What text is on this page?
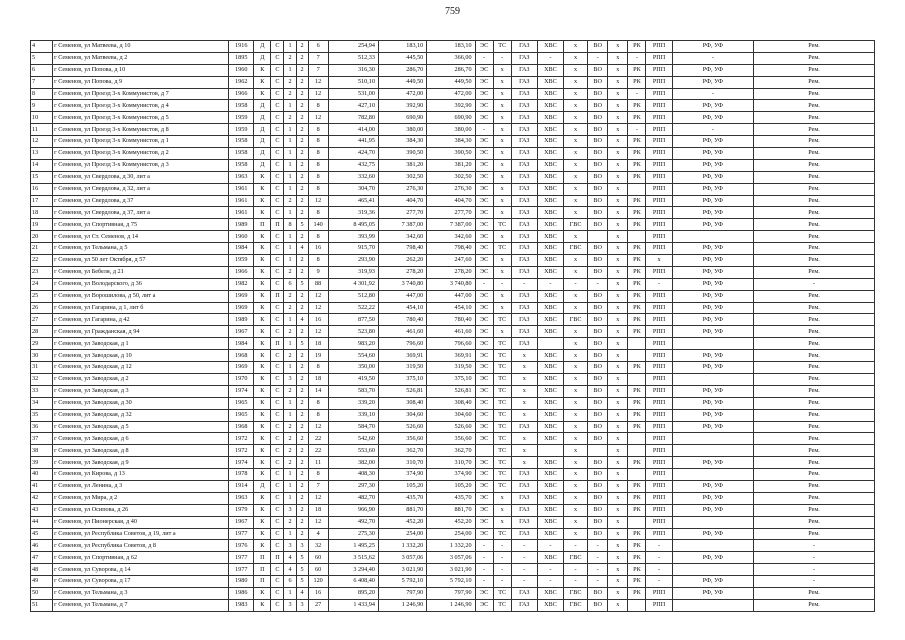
759
4	г Семенов, ул Матвеева, д 10	1916	Д	С	1	2	6	254,94	183,10	183,10	ЭС	ТС	ГАЗ	ХВС	х	ВО	х	РК	РПП	РФ, УФ	Рем.
5	г Семенов, ул Матвеева, д 2	1895	Д	С	2	2	7	512,33	445,50	366,00	-	-	ГАЗ	-	х	-	х	-	РПП	-	Рем.
6	г Семенов, ул Попова, д 10	1960	К	С	1	2	7	316,30	286,70	286,70	ЭС	х	ГАЗ	ХВС	х	ВО	х	РК	РПП	РФ, УФ	Рем.
7	г Семенов, ул Попова, д 9	1962	К	С	2	2	12	510,10	449,50	449,50	ЭС	х	ГАЗ	ХВС	х	ВО	х	РК	РПП	РФ, УФ	Рем.
8	г Семенов, ул Проезд 3-х Коммунистов, д 7	1966	К	С	2	2	12	531,00	472,00	472,00	ЭС	х	ГАЗ	ХВС	х	ВО	х	-	РПП	-	Рем.
9	г Семенов, ул Проезд 3-х Коммунистов, д 4	1958	Д	С	1	2	8	427,10	392,90	392,90	ЭС	х	ГАЗ	ХВС	х	ВО	х	РК	РПП	РФ, УФ	Рем.
10	г Семенов, ул Проезд 3-х Коммунистов, д 5	1959	Д	С	2	2	12	782,80	690,90	690,90	ЭС	х	ГАЗ	ХВС	х	ВО	х	РК	РПП	РФ, УФ	Рем.
11	г Семенов, ул Проезд 3-х Коммунистов, д 8	1959	Д	С	1	2	8	414,00	380,00	380,00	-	х	ГАЗ	ХВС	х	ВО	х	-	РПП	-	Рем.
12	г Семенов, ул Проезд 3-х Коммунистов, д 1	1958	Д	С	1	2	8	441,95	384,30	384,30	ЭС	х	ГАЗ	ХВС	х	ВО	х	РК	РПП	РФ, УФ	Рем.
13	г Семенов, ул Проезд 3-х Коммунистов, д 2	1958	Д	С	1	2	8	424,70	390,50	390,50	ЭС	х	ГАЗ	ХВС	х	ВО	х	РК	РПП	РФ, УФ	Рем.
14	г Семенов, ул Проезд 3-х Коммунистов, д 3	1958	Д	С	1	2	8	432,75	381,20	381,20	ЭС	х	ГАЗ	ХВС	х	ВО	х	РК	РПП	РФ, УФ	Рем.
15	г Семенов, ул Свердлова, д 30, лит а	1963	К	С	1	2	8	332,60	302,50	302,50	ЭС	х	ГАЗ	ХВС	х	ВО	х	РК	РПП	РФ, УФ	Рем.
16	г Семенов, ул Свердлова, д 32, лит а	1961	К	С	1	2	8	304,70	276,30	276,30	ЭС	х	ГАЗ	ХВС	х	ВО	х		РПП	РФ, УФ	Рем.
17	г Семенов, ул Свердлова, д 37	1961	К	С	2	2	12	465,41	404,70	404,70	ЭС	х	ГАЗ	ХВС	х	ВО	х	РК	РПП	РФ, УФ	Рем.
18	г Семенов, ул Свердлова, д 37, лит а	1961	К	С	1	2	8	319,36	277,70	277,70	ЭС	х	ГАЗ	ХВС	х	ВО	х	РК	РПП	РФ, УФ	Рем.
19	г Семенов, ул Спортивная, д 75	1989	П	П	8	5	140	8 495,05	7 387,00	7 387,00	ЭС	ТС	ГАЗ	ХВС	ГВС	ВО	х	РК	РПП	РФ, УФ	Рем.
20	г Семенов, ул Ст. Семенов, д 14	1960	К	С	1	2	8	393,99	342,60	342,60	ЭС	х	ГАЗ	ХВС	х		х		РПП		Рем.
21	г Семенов, ул Тельмана, д 5	1984	К	С	1	4	16	915,70	798,40	798,40	ЭС	ТС	ГАЗ	ХВС	ГВС	ВО	х	РК	РПП	РФ, УФ	Рем.
22	г Семенов, ул 50 лет Октября, д 57	1959	К	С	1	2	8	293,90	262,20	247,60	ЭС	х	ГАЗ	ХВС	х	ВО	х	РК	х	РФ, УФ	Рем.
23	г Семенов, ул Бебеля, д 21	1966	К	С	2	2	9	319,93	278,20	278,20	ЭС	х	ГАЗ	ХВС	х	ВО	х	РК	РПП	РФ, УФ	Рем.
24	г Семенов, ул Володарского, д 36	1982	К	С	6	5	88	4 301,92	3 740,80	3 740,80	-	-	-	-	-	-	х	РК	-	РФ, УФ	-
25	г Семенов, ул Ворошилова, д 50, лит а	1969	К	П	2	2	12	512,80	447,00	447,00	ЭС	х	ГАЗ	ХВС	х	ВО	х	РК	РПП	РФ, УФ	Рем.
26	г Семенов, ул Гагарина, д 1, лит б	1969	К	С	2	2	12	522,22	454,10	454,10	ЭС	х	ГАЗ	ХВС	х	ВО	х	РК	РПП	РФ, УФ	Рем.
27	г Семенов, ул Гагарина, д 42	1989	К	С	1	4	16	877,50	780,40	780,40	ЭС	ТС	ГАЗ	ХВС	ГВС	ВО	х	РК	РПП	РФ, УФ	Рем.
28	г Семенов, ул Гражданская, д 94	1967	К	С	2	2	12	523,80	461,60	461,60	ЭС	х	ГАЗ	ХВС	х	ВО	х	РК	РПП	РФ, УФ	Рем.
29	г Семенов, ул Заводская, д 1	1984	К	П	1	5	18	983,20	796,60	796,60	ЭС	ТС	ГАЗ		х	ВО	х		РПП		Рем.
30	г Семенов, ул Заводская, д 10	1968	К	С	2	2	19	554,60	369,91	369,91	ЭС	ТС	х	ХВС	х	ВО	х		РПП	РФ, УФ	Рем.
31	г Семенов, ул Заводская, д 12	1969	К	С	1	2	8	350,00	319,50	319,50	ЭС	ТС	х	ХВС	х	ВО	х	РК	РПП	РФ, УФ	Рем.
32	г Семенов, ул Заводская, д 2	1970	К	С	3	2	18	419,50	375,10	375,10	ЭС	ТС	х	ХВС	х	ВО	х		РПП		Рем.
33	г Семенов, ул Заводская, д 3	1974	К	С	2	2	14	583,70	526,81	526,81	ЭС	ТС	х	ХВС	х	ВО	х	РК	РПП	РФ, УФ	Рем.
34	г Семенов, ул Заводская, д 30	1965	К	С	1	2	8	339,20	308,40	308,40	ЭС	ТС	х	ХВС	х	ВО	х	РК	РПП	РФ, УФ	Рем.
35	г Семенов, ул Заводская, д 32	1965	К	С	1	2	8	339,10	304,60	304,60	ЭС	ТС	х	ХВС	х	ВО	х	РК	РПП	РФ, УФ	Рем.
36	г Семенов, ул Заводская, д 5	1968	К	С	2	2	12	584,70	526,60	526,60	ЭС	ТС	ГАЗ	ХВС	х	ВО	х	РК	РПП	РФ, УФ	Рем.
37	г Семенов, ул Заводская, д 6	1972	К	С	2	2	22	542,60	356,60	356,60	ЭС	ТС	х	ХВС	х	ВО	х		РПП		Рем.
38	г Семенов, ул Заводская, д 8	1972	К	С	2	2	22	553,60	362,70	362,70		ТС	х		х		х		РПП		Рем.
39	г Семенов, ул Заводская, д 9	1974	К	С	2	2	11	382,00	310,70	310,70	ЭС	ТС	х	ХВС	х	ВО	х	РК	РПП	РФ, УФ	Рем.
40	г Семенов, ул Кирова, д 13	1978	К	С	1	2	8	408,30	374,90	374,90	ЭС	ТС	ГАЗ	ХВС	х	ВО	х		РПП		Рем.
41	г Семенов, ул Ленина, д 3	1914	Д	С	1	2	7	297,30	105,20	105,20	ЭС	ТС	ГАЗ	ХВС	х	ВО	х	РК	РПП	РФ, УФ	Рем.
42	г Семенов, ул Мира, д 2	1963	К	С	1	2	12	482,70	435,70	435,70	ЭС	х	ГАЗ	ХВС	х	ВО	х	РК	РПП	РФ, УФ	Рем.
43	г Семенов, ул Осипова, д 26	1979	К	С	3	2	18	966,90	881,70	881,70	ЭС	х	ГАЗ	ХВС	х	ВО	х	РК	РПП	РФ, УФ	Рем.
44	г Семенов, ул Пионерская, д 40	1967	К	С	2	2	12	492,70	452,20	452,20	ЭС	х	ГАЗ	ХВС	х	ВО	х		РПП		Рем.
45	г Семенов, ул Республика Советов, д 19, лит а	1977	К	С	1	2	4	275,30	254,00	254,00	ЭС	ТС	ГАЗ	ХВС	х	ВО	х	РК	РПП	РФ, УФ	Рем.
46	г Семенов, ул Республика Советов, д 8	1976	К	С	3	3	32	1 495,25	1 332,20	1 332,20	-	-	-	-	-	-	х	РК	-		-
47	г Семенов, ул Спортивная, д 62	1977	П	П	4	5	60	3 515,62	3 057,06	3 057,06	-	-	-	ХВС	ГВС	-	х	РК	-	РФ, УФ	-
48	г Семенов, ул Суворова, д 14	1977	П	С	4	5	60	3 294,40	3 021,90	3 021,90	-	-	-	-	-	-	х	РК	-		-
49	г Семенов, ул Суворова, д 17	1980	П	С	6	5	120	6 408,40	5 792,10	5 792,10	-	-	-	-	-	-	х	РК	-	РФ, УФ	-
50	г Семенов, ул Тельмана, д 3	1986	К	С	1	4	16	895,20	797,90	797,90	ЭС	ТС	ГАЗ	ХВС	ГВС	ВО	х	РК	РПП	РФ, УФ	Рем.
51	г Семенов, ул Тельмана, д 7	1983	К	С	3	3	27	1 433,94	1 246,90	1 246,90	ЭС	ТС	ГАЗ	ХВС	ГВС	ВО	х		РПП		Рем.
